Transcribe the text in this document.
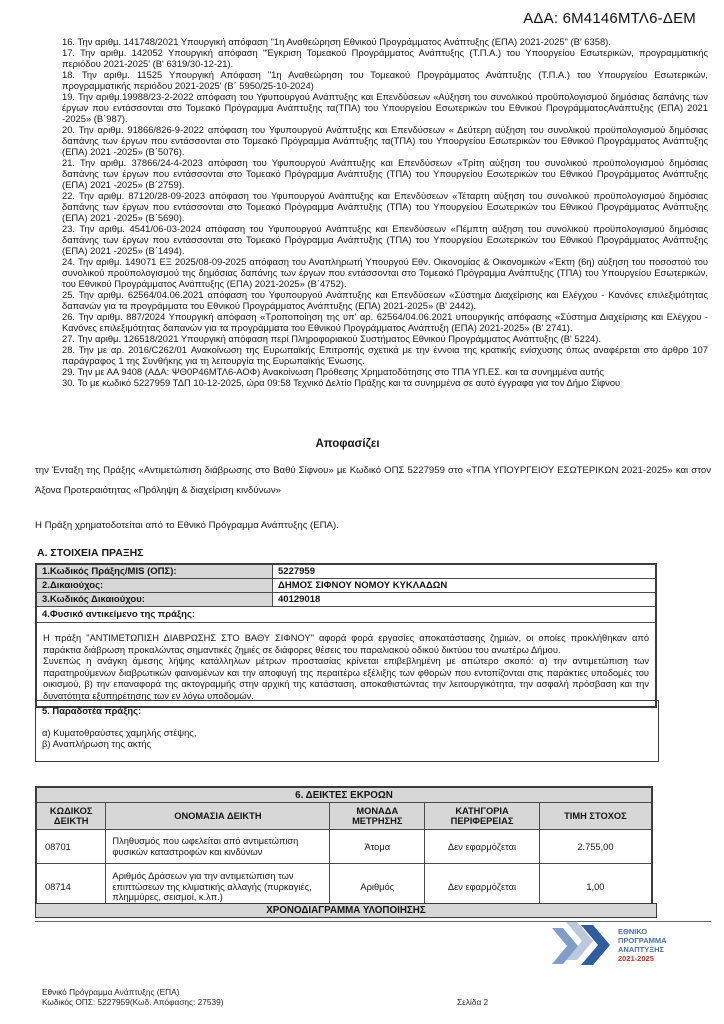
ΑΔΑ: 6Μ4146ΜΤΛ6-ΔΕΜ
16. Την αριθμ. 141748/2021 Υπουργική απόφαση "1η Αναθεώρηση Εθνικού Προγράμματος Ανάπτυξης (ΕΠΑ) 2021-2025" (Β' 6358).
17. Την αριθμ. 142052 Υπουργική απόφαση "Έγκριση Τομεακού Προγράμματος Ανάπτυξης (Τ.Π.Α.) του Υπουργείου Εσωτερικών, προγραμματικής περιόδου 2021-2025' (Β' 6319/30-12-21).
18. Την αριθμ. 11525 Υπουργική Απόφαση "1η Αναθεώρηση του Τομεακού Προγράμματος Ανάπτυξης (Τ.Π.Α.) του Υπουργείου Εσωτερικών, προγραμματικής περιόδου 2021-2025' (Β΄ 5950/25-10-2024)
19. Την αριθμ.19988/23-2-2022 απόφαση του Υφυπουργού Ανάπτυξης και Επενδύσεων «Αύξηση του συνολικού προϋπολογισμού δημόσιας δαπάνης των έργων που εντάσσονται στο Τομεακό Πρόγραμμα Ανάπτυξης τα(ΤΠΑ) του Υπουργείου Εσωτερικών του Εθνικού ΠρογράμματοςΑνάπτυξης (ΕΠΑ) 2021 -2025» (Β΄987).
20. Την αριθμ. 91866/826-9-2022 απόφαση του Υφυπουργού Ανάπτυξης και Επενδύσεων « Δεύτερη αύξηση του συνολικού προϋπολογισμού δημόσιας δαπάνης των έργων που εντάσσονται στο Τομεακό Πρόγραμμα Ανάπτυξης τα(ΤΠΑ) του Υπουργείου Εσωτερικών του Εθνικού Προγράμματος Ανάπτυξης (ΕΠΑ) 2021 -2025» (Β΄5076).
21. Την αριθμ. 37866/24-4-2023 απόφαση του Υφυπουργού Ανάπτυξης και Επενδύσεων «Τρίτη αύξηση του συνολικού προϋπολογισμού δημόσιας δαπάνης των έργων που εντάσσονται στο Τομεακό Πρόγραμμα Ανάπτυξης (ΤΠΑ) του Υπουργείου Εσωτερικών του Εθνικού Προγράμματος Ανάπτυξης (ΕΠΑ) 2021 -2025» (Β΄2759).
22. Την αριθμ. 87120/28-09-2023 απόφαση του Υφυπουργού Ανάπτυξης και Επενδύσεων «Τέταρτη αύξηση του συνολικού προϋπολογισμού δημόσιας δαπάνης των έργων που εντάσσονται στο Τομεακό Πρόγραμμα Ανάπτυξης (ΤΠΑ) του Υπουργείου Εσωτερικών του Εθνικού Προγράμματος Ανάπτυξης (ΕΠΑ) 2021 -2025» (Β΄5690).
23. Την αριθμ. 4541/06-03-2024 απόφαση του Υφυπουργού Ανάπτυξης και Επενδύσεων «Πέμπτη αύξηση του συνολικού προϋπολογισμού δημόσιας δαπάνης των έργων που εντάσσονται στο Τομεακό Πρόγραμμα Ανάπτυξης (ΤΠΑ) του Υπουργείου Εσωτερικών του Εθνικού Προγράμματος Ανάπτυξης (ΕΠΑ) 2021 -2025» (Β΄1494).
24. Την αριθμ. 149071 ΕΞ 2025/08-09-2025 απόφαση του Αναπληρωτή Υπουργού Εθν. Οικονομίας & Οικονομικών «Έκτη (6η) αύξηση του ποσοστού του συνολικού προϋπολογισμού της δημόσιας δαπάνης των έργων που εντάσσονται στο Τομεακό Πρόγραμμα Ανάπτυξης (ΤΠΑ) του Υπουργείου Εσωτερικών, του Εθνικού Προγράμματος Ανάπτυξης (ΕΠΑ) 2021-2025» (Β΄4752).
25. Την αριθμ. 62564/04.06.2021 απόφαση του Υφυπουργού Ανάπτυξης και Επενδύσεων «Σύστημα Διαχείρισης και Ελέγχου - Κανόνες επιλεξιμότητας δαπανών για τα προγράμματα του Εθνικού Προγράμματος Ανάπτυξης (ΕΠΑ) 2021-2025» (Β' 2442).
26. Την αριθμ. 887/2024 Υπουργική απόφαση «Τροποποίηση της υπ' αρ. 62564/04.06.2021 υπουργικής απόφασης «Σύστημα Διαχείρισης και Ελέγχου - Κανόνες επιλεξιμότητας δαπανών για τα προγράμματα του Εθνικού Προγράμματος Ανάπτυξη (ΕΠΑ) 2021-2025» (Β' 2741).
27. Την αριθμ. 126518/2021 Υπουργική απόφαση περί Πληροφοριακού Συστήματος Εθνικού Προγράμματος Ανάπτυξης (Β' 5224).
28. Την με αρ. 2016/C262/01 Ανακοίνωση της Ευρωπαϊκής Επιτροπής σχετικά με την έννοια της κρατικής ενίσχυσης όπως αναφέρεται στο άρθρο 107 παράγραφος 1 της Συνθήκης για τη λειτουργία της Ευρωπαϊκής Ένωσης.
29. Την με ΑΑ 9408 (ΑΔΑ: ΨΘ0Ρ46ΜΤΛ6-ΑΟΦ) Ανακοίνωση Πρόθεσης Χρηματοδότησης στο ΤΠΑ ΥΠ.ΕΣ. και τα συνημμένα αυτής
30. Το με κωδικό 5227959 ΤΔΠ 10-12-2025, ώρα 09:58 Τεχνικό Δελτίο Πράξης και τα συνημμένα σε αυτό έγγραφα για τον Δήμο Σίφνου
Αποφασίζει
την Ένταξη της Πράξης «Αντιμετώπιση διάβρωσης στο Βαθύ Σίφνου» με Κωδικό ΟΠΣ 5227959 στο «ΤΠΑ ΥΠΟΥΡΓΕΙΟΥ ΕΣΩΤΕΡΙΚΩΝ 2021-2025» και στον Άξονα Προτεραιότητας «Πρόληψη & διαχείριση κινδύνων»
Η Πράξη χρηματοδοτείται από το Εθνικό Πρόγραμμα Ανάπτυξης (ΕΠΑ).
Α. ΣΤΟΙΧΕΙΑ ΠΡΑΞΗΣ
1.Κωδικός Πράξης/MIS (ΟΠΣ):	5227959
2.Δικαιούχος:	ΔΗΜΟΣ ΣΙΦΝΟΥ ΝΟΜΟΥ ΚΥΚΛΑΔΩΝ
3.Κωδικός Δικαιούχου:	40129018
4.Φυσικό αντικείμενο της πράξης:	

Η πράξη "ΑΝΤΙΜΕΤΩΠΙΣΗ ΔΙΑΒΡΩΣΗΣ ΣΤΟ ΒΑΘΥ ΣΙΦΝΟΥ" αφορά φορά εργασίες αποκατάστασης ζημιών, οι οποίες προκλήθηκαν από παράκτια διάβρωση προκαλώντας σημαντικές ζημιές σε διάφορες θέσεις του παραλιακού οδικού δικτύου του ανωτέρω Δήμου.

Συνεπώς η ανάγκη άμεσης λήψης κατάλληλων μέτρων προστασίας κρίνεται επιβεβλημένη με απώτερο σκοπό: α) την αντιμετώπιση των παρατηρούμενων διαβρωτικών φαινομένων και την αποφυγή της περαιτέρω εξέλιξης των φθορών που εντοπίζονται στις παράκτιες υποδομές του οικισμού, β) την επαναφορά της ακτογραμμής στην αρχική της κατάσταση, αποκαθιστώντας την λειτουργικότητα, την ασφαλή πρόσβαση και την δυνατότητα εξυπηρέτησης των εν λόγω υποδομών.	

5. Παραδοτέα πράξης:
α) Κυματοθραύστες χαμηλής στέψης,
β) Αναπλήρωση της ακτής
6. ΔΕΙΚΤΕΣ ΕΚΡΟΩΝ				
ΚΩΔΙΚΟΣ ΔΕΙΚΤΗ	ΟΝΟΜΑΣΙΑ ΔΕΙΚΤΗ	ΜΟΝΑΔΑ ΜΕΤΡΗΣΗΣ	ΚΑΤΗΓΟΡΙΑ ΠΕΡΙΦΕΡΕΙΑΣ	ΤΙΜΗ ΣΤΟΧΟΣ
08701	Πληθυσμός που ωφελείται από αντιμετώπιση φυσικών καταστροφών και κινδύνων	Άτομα	Δεν εφαρμόζεται	2.755,00
08714	Αριθμός Δράσεων για την αντιμετώπιση των επιπτώσεων της κλιματικής αλλαγής (πυρκαγιές, πλημμύρες, σεισμοί, κ.λπ.)	Αριθμός	Δεν εφαρμόζεται	1,00
ΧΡΟΝΟΔΙΑΓΡΑΜΜΑ ΥΛΟΠΟΙΗΣΗΣ
ΕΘΝΙΚΟ
ΠΡΟΓΡΑΜΜΑ
ΑΝΑΠΤΥΞΗΣ
2021-2025
Εθνικό Πρόγραμμα Ανάπτυξης (ΕΠΑ)
Κωδικός ΟΠΣ: 5227959(Κωδ. Απόφασης: 27539)	Σελίδα 2
